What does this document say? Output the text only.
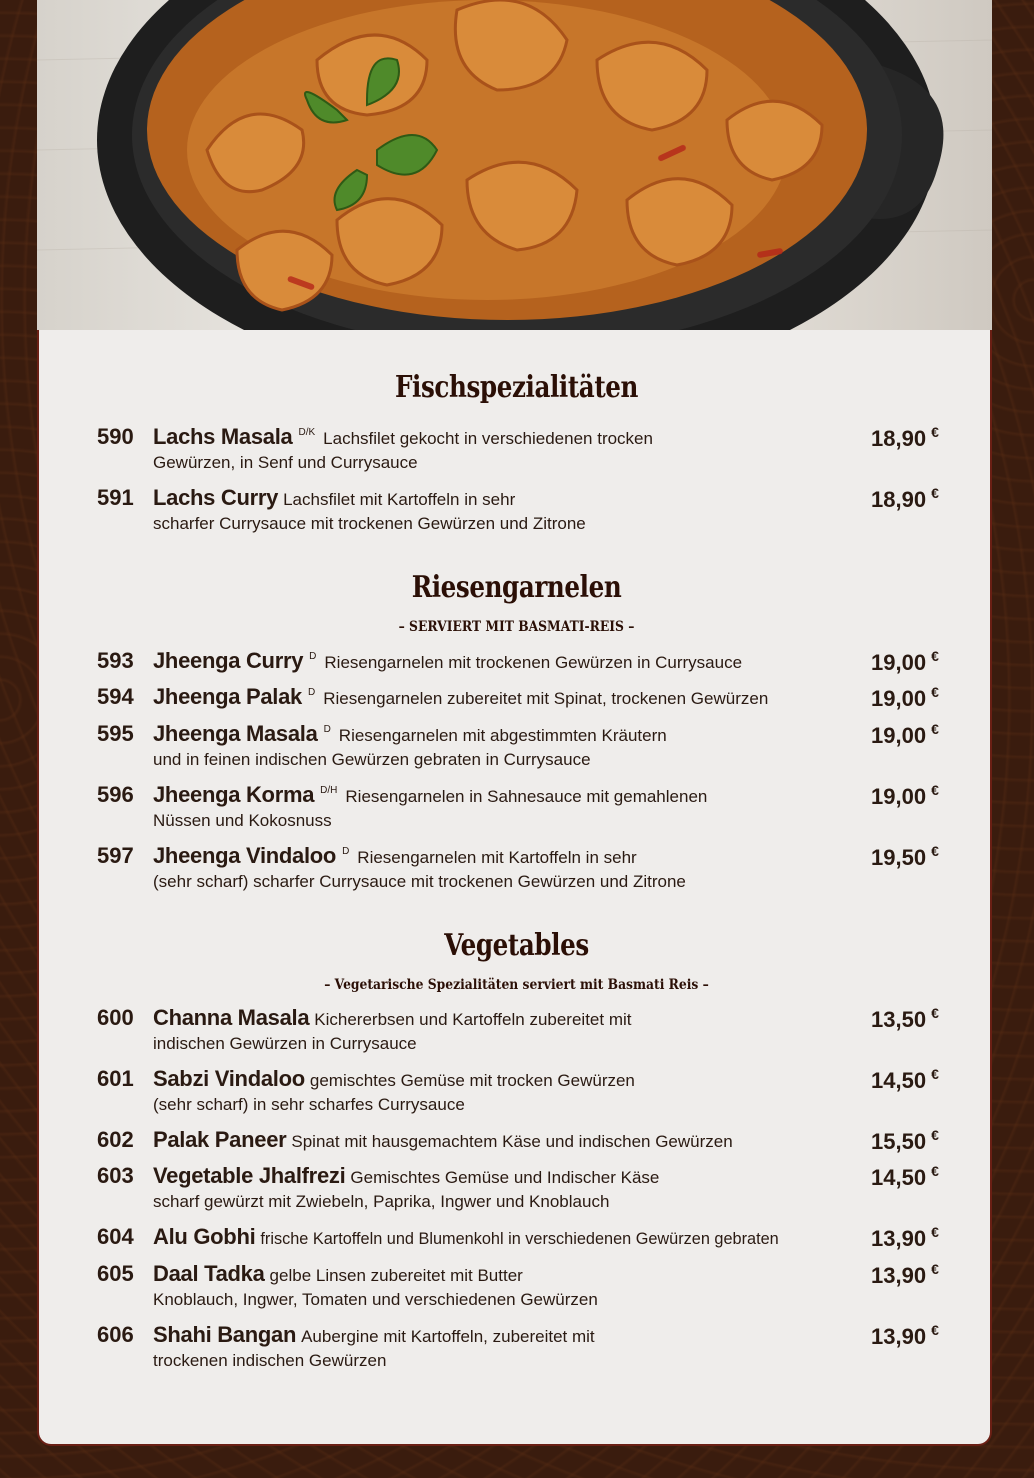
Fischspezialitäten
590 Lachs Masala $^{D/K}$ Lachsfilet gekocht in verschiedenen trocken
Gewürzen, in Senf und Currysauce
18,90 €
591 Lachs Curry Lachsfilet mit Kartoffeln in sehr
scharfer Currysauce mit trockenen Gewürzen und Zitrone
18,90 €
Riesengarnelen
– SERVIERT MIT BASMATI-REIS –
593 Jheenga Curry $^D$ Riesengarnelen mit trockenen Gewürzen in Currysauce	19,00 €
594 Jheenga Palak $^D$ Riesengarnelen zubereitet mit Spinat, trockenen Gewürzen	19,00 €
595 Jheenga Masala $^D$ Riesengarnelen mit abgestimmten Kräutern
und in feinen indischen Gewürzen gebraten in Currysauce
19,00 €
596 Jheenga Korma $^{D/H}$ Riesengarnelen in Sahnesauce mit gemahlenen
Nüssen und Kokosnuss
19,00 €
597 Jheenga Vindaloo $^D$ Riesengarnelen mit Kartoffeln in sehr
(sehr scharf) scharfer Currysauce mit trockenen Gewürzen und Zitrone
19,50 €
Vegetables
– Vegetarische Spezialitäten serviert mit Basmati Reis –
600 Channa Masala Kichererbsen und Kartoffeln zubereitet mit
indischen Gewürzen in Currysauce
13,50 €
601 Sabzi Vindaloo gemischtes Gemüse mit trocken Gewürzen
(sehr scharf) in sehr scharfes Currysauce
14,50 €
602 Palak Paneer Spinat mit hausgemachtem Käse und indischen Gewürzen	15,50 €
603 Vegetable Jhalfrezi Gemischtes Gemüse und Indischer Käse
scharf gewürzt mit Zwiebeln, Paprika, Ingwer und Knoblauch
14,50 €
604 Alu Gobhi frische Kartoffeln und Blumenkohl in verschiedenen Gewürzen gebraten	13,90 €
605 Daal Tadka gelbe Linsen zubereitet mit Butter
Knoblauch, Ingwer, Tomaten und verschiedenen Gewürzen
13,90 €
606 Shahi Bangan Aubergine mit Kartoffeln, zubereitet mit
trockenen indischen Gewürzen
13,90 €
